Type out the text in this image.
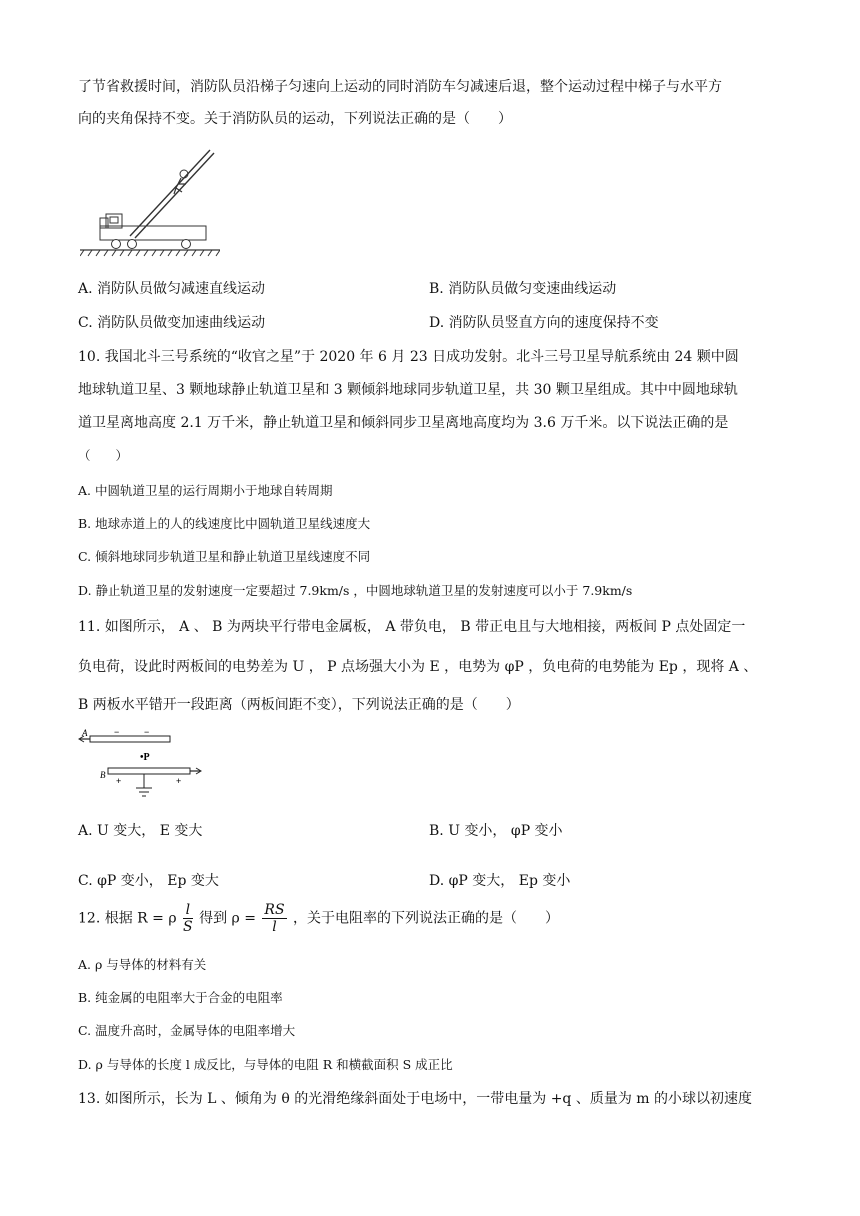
了节省救援时间，消防队员沿梯子匀速向上运动的同时消防车匀减速后退，整个运动过程中梯子与水平方
向的夹角保持不变。关于消防队员的运动，下列说法正确的是（　　）
A. 消防队员做匀减速直线运动	B. 消防队员做匀变速曲线运动
C. 消防队员做变加速曲线运动	D. 消防队员竖直方向的速度保持不变
10. 我国北斗三号系统的“收官之星”于 2020 年 6 月 23 日成功发射。北斗三号卫星导航系统由 24 颗中圆
地球轨道卫星、3 颗地球静止轨道卫星和 3 颗倾斜地球同步轨道卫星，共 30 颗卫星组成。其中中圆地球轨
道卫星离地高度 2.1 万千米，静止轨道卫星和倾斜同步卫星离地高度均为 3.6 万千米。以下说法正确的是
（　　）
A. 中圆轨道卫星的运行周期小于地球自转周期
B. 地球赤道上的人的线速度比中圆轨道卫星线速度大
C. 倾斜地球同步轨道卫星和静止轨道卫星线速度不同
D. 静止轨道卫星的发射速度一定要超过 7.9km/s ，中圆地球轨道卫星的发射速度可以小于 7.9km/s
11. 如图所示， A 、 B 为两块平行带电金属板， A 带负电， B 带正电且与大地相接，两板间 P 点处固定一
负电荷，设此时两板间的电势差为 U ， P 点场强大小为 E ，电势为 φP ，负电荷的电势能为 Ep ，现将 A 、
B 两板水平错开一段距离（两板间距不变），下列说法正确的是（　　）
A	−	−
•P
B
+	+
A. U 变大， E 变大	B. U 变小， φP 变小
C. φP 变小， Ep 变大	D. φP 变大， Ep 变小
12. 根据 R = ρ $\frac{l}{S}$ 得到 $\rho = \frac{RS}{l}$ ，关于电阻率的下列说法正确的是（　　）
A. ρ 与导体的材料有关
B. 纯金属的电阻率大于合金的电阻率
C. 温度升高时，金属导体的电阻率增大
D. ρ 与导体的长度 l 成反比，与导体的电阻 R 和横截面积 S 成正比
13. 如图所示，长为 L 、倾角为 θ 的光滑绝缘斜面处于电场中，一带电量为 +q 、质量为 m 的小球以初速度
